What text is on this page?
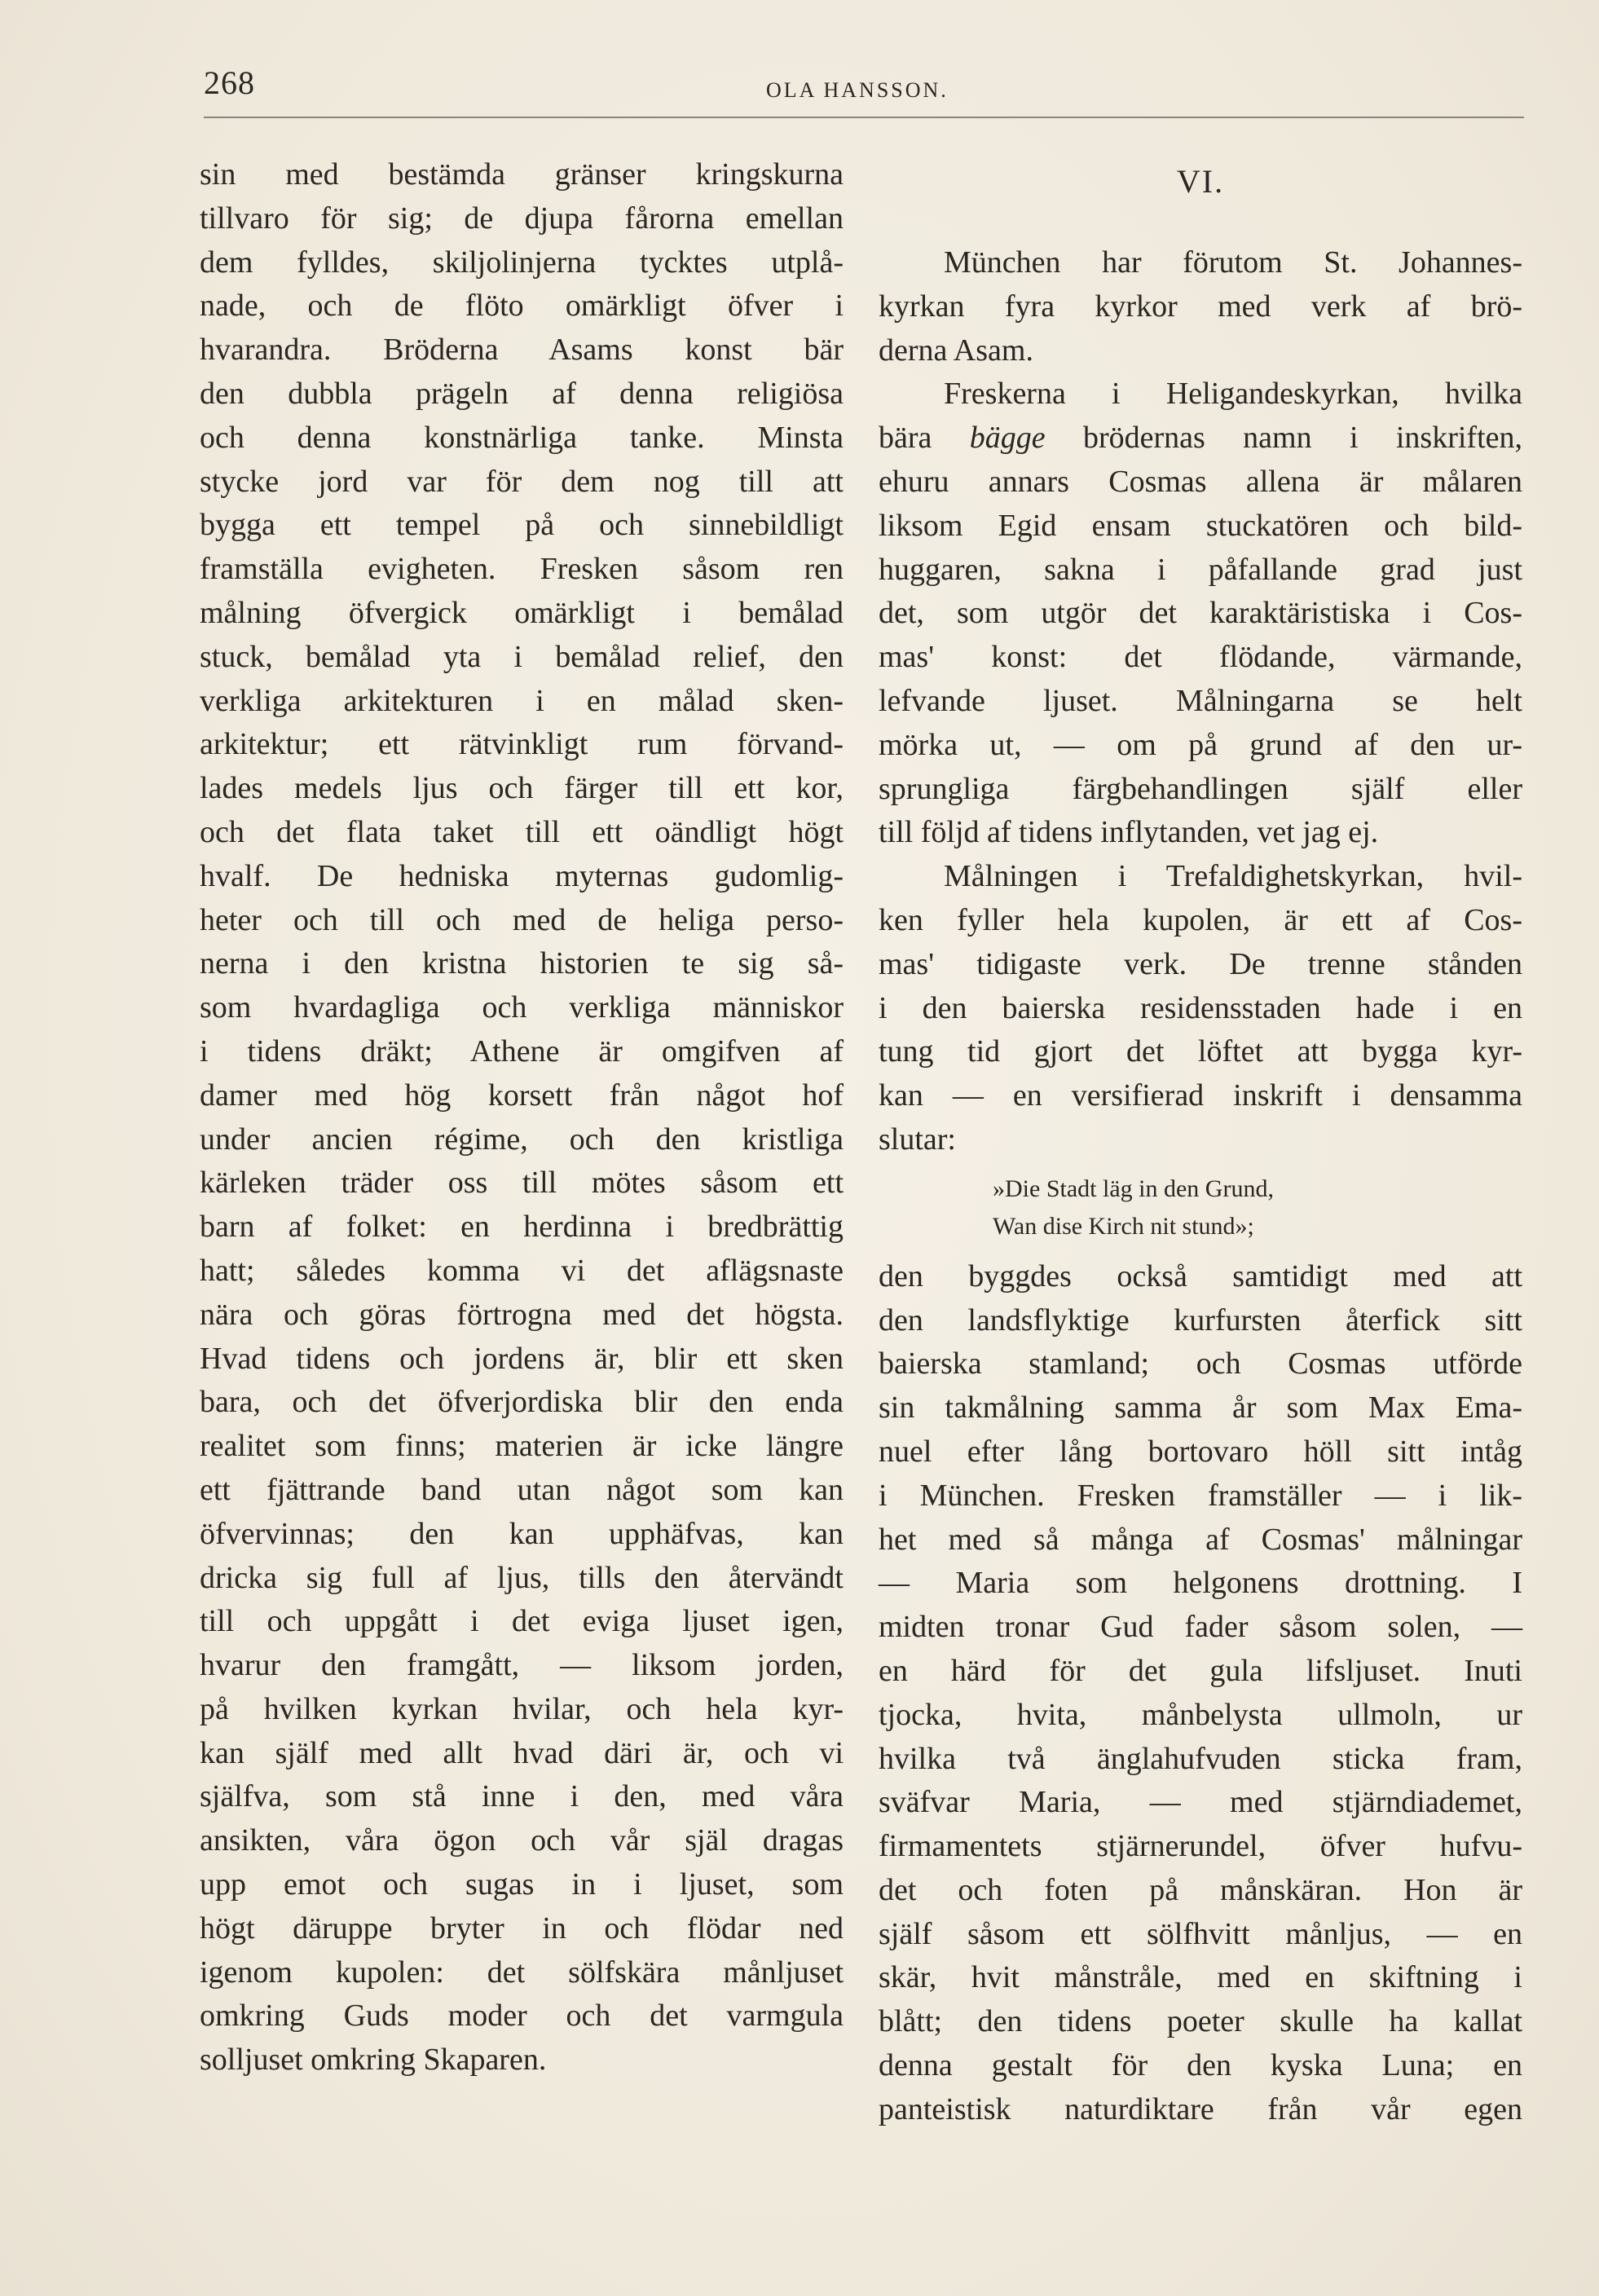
268	OLA HANSSON.
sin med bestämda gränser kringskurna
tillvaro för sig; de djupa fårorna emellan
dem fylldes, skiljolinjerna tycktes utplå-
nade, och de flöto omärkligt öfver i
hvarandra. Bröderna Asams konst bär
den dubbla prägeln af denna religiösa
och denna konstnärliga tanke. Minsta
stycke jord var för dem nog till att
bygga ett tempel på och sinnebildligt
framställa evigheten. Fresken såsom ren
målning öfvergick omärkligt i bemålad
stuck, bemålad yta i bemålad relief, den
verkliga arkitekturen i en målad sken-
arkitektur; ett rätvinkligt rum förvand-
lades medels ljus och färger till ett kor,
och det flata taket till ett oändligt högt
hvalf. De hedniska myternas gudomlig-
heter och till och med de heliga perso-
nerna i den kristna historien te sig så-
som hvardagliga och verkliga människor
i tidens dräkt; Athene är omgifven af
damer med hög korsett från något hof
under ancien régime, och den kristliga
kärleken träder oss till mötes såsom ett
barn af folket: en herdinna i bredbrättig
hatt; således komma vi det aflägsnaste
nära och göras förtrogna med det högsta.
Hvad tidens och jordens är, blir ett sken
bara, och det öfverjordiska blir den enda
realitet som finns; materien är icke längre
ett fjättrande band utan något som kan
öfvervinnas; den kan upphäfvas, kan
dricka sig full af ljus, tills den återvändt
till och uppgått i det eviga ljuset igen,
hvarur den framgått, — liksom jorden,
på hvilken kyrkan hvilar, och hela kyr-
kan själf med allt hvad däri är, och vi
själfva, som stå inne i den, med våra
ansikten, våra ögon och vår själ dragas
upp emot och sugas in i ljuset, som
högt däruppe bryter in och flödar ned
igenom kupolen: det sölfskära månljuset
omkring Guds moder och det varmgula
solljuset omkring Skaparen.
VI.
München har förutom St. Johannes-
kyrkan fyra kyrkor med verk af brö-
derna Asam.
Freskerna i Heligandeskyrkan, hvilka
bära bägge brödernas namn i inskriften,
ehuru annars Cosmas allena är målaren
liksom Egid ensam stuckatören och bild-
huggaren, sakna i påfallande grad just
det, som utgör det karaktäristiska i Cos-
mas' konst: det flödande, värmande,
lefvande ljuset. Målningarna se helt
mörka ut, — om på grund af den ur-
sprungliga färgbehandlingen själf eller
till följd af tidens inflytanden, vet jag ej.
Målningen i Trefaldighetskyrkan, hvil-
ken fyller hela kupolen, är ett af Cos-
mas' tidigaste verk. De trenne stånden
i den baierska residensstaden hade i en
tung tid gjort det löftet att bygga kyr-
kan — en versifierad inskrift i densamma
slutar:
»Die Stadt läg in den Grund,
Wan dise Kirch nit stund»;
den byggdes också samtidigt med att
den landsflyktige kurfursten återfick sitt
baierska stamland; och Cosmas utförde
sin takmålning samma år som Max Ema-
nuel efter lång bortovaro höll sitt intåg
i München. Fresken framställer — i lik-
het med så många af Cosmas' målningar
— Maria som helgonens drottning. I
midten tronar Gud fader såsom solen, —
en härd för det gula lifsljuset. Inuti
tjocka, hvita, månbelysta ullmoln, ur
hvilka två änglahufvuden sticka fram,
sväfvar Maria, — med stjärndiademet,
firmamentets stjärnerundel, öfver hufvu-
det och foten på månskäran. Hon är
själf såsom ett sölfhvitt månljus, — en
skär, hvit månstråle, med en skiftning i
blått; den tidens poeter skulle ha kallat
denna gestalt för den kyska Luna; en
panteistisk naturdiktare från vår egen
